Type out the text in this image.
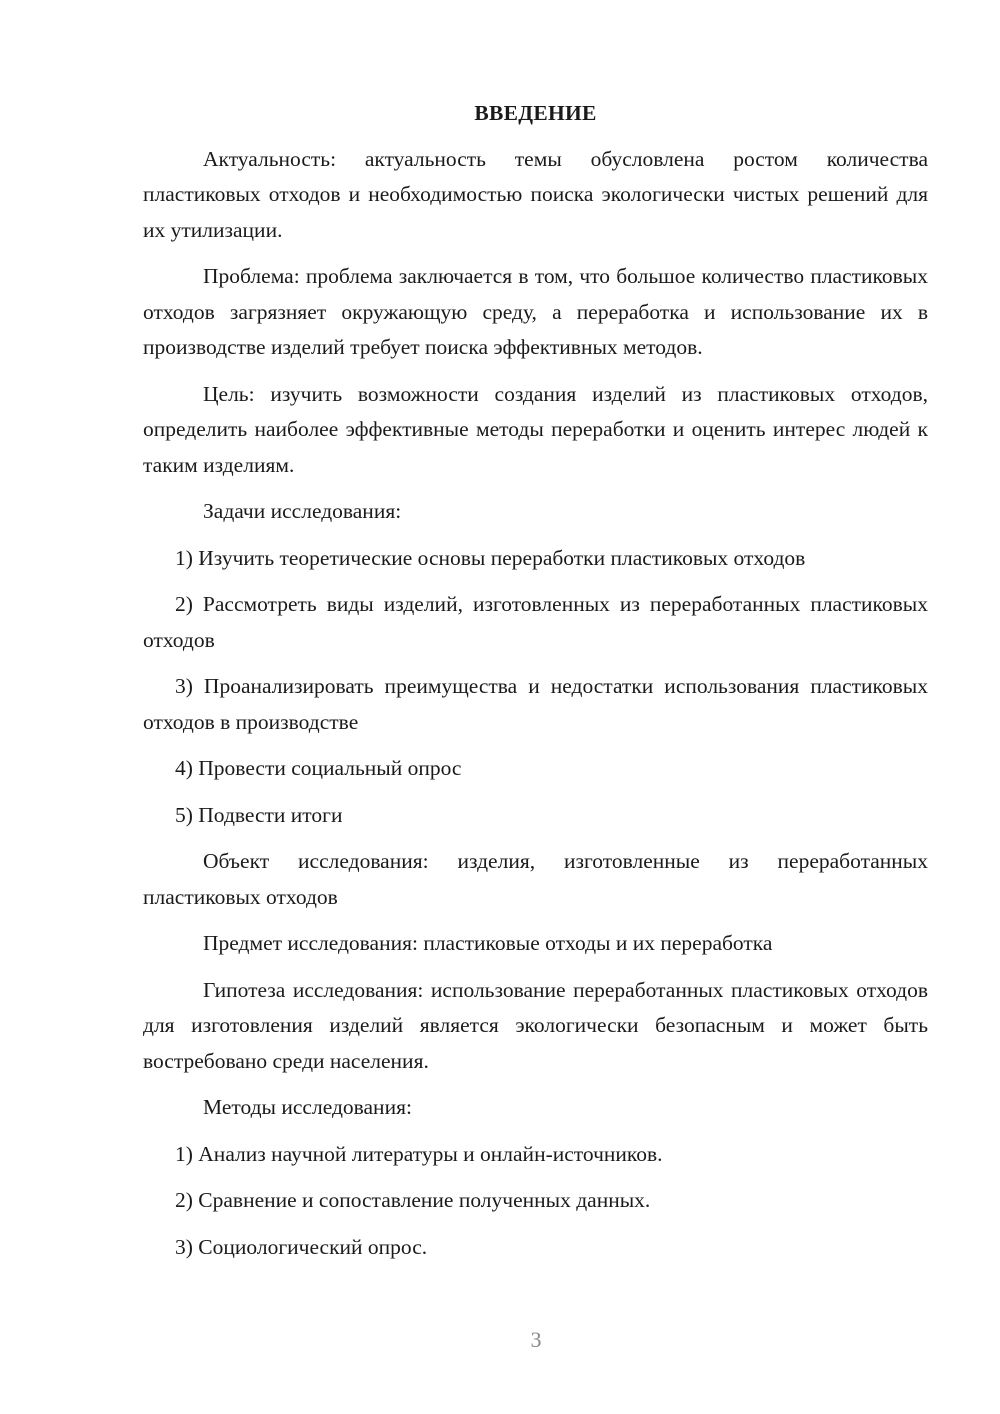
ВВЕДЕНИЕ

Актуальность: актуальность темы обусловлена ростом количества пластиковых отходов и необходимостью поиска экологически чистых решений для их утилизации.

Проблема: проблема заключается в том, что большое количество пластиковых отходов загрязняет окружающую среду, а переработка и использование их в производстве изделий требует поиска эффективных методов.

Цель: изучить возможности создания изделий из пластиковых отходов, определить наиболее эффективные методы переработки и оценить интерес людей к таким изделиям.

Задачи исследования:

1) Изучить теоретические основы переработки пластиковых отходов

2) Рассмотреть виды изделий, изготовленных из переработанных пластиковых отходов

3) Проанализировать преимущества и недостатки использования пластиковых отходов в производстве

4) Провести социальный опрос

5) Подвести итоги

Объект исследования: изделия, изготовленные из переработанных пластиковых отходов

Предмет исследования: пластиковые отходы и их переработка

Гипотеза исследования: использование переработанных пластиковых отходов для изготовления изделий является экологически безопасным и может быть востребовано среди населения.

Методы исследования:

1) Анализ научной литературы и онлайн-источников.

2) Сравнение и сопоставление полученных данных.

3) Социологический опрос.

3
